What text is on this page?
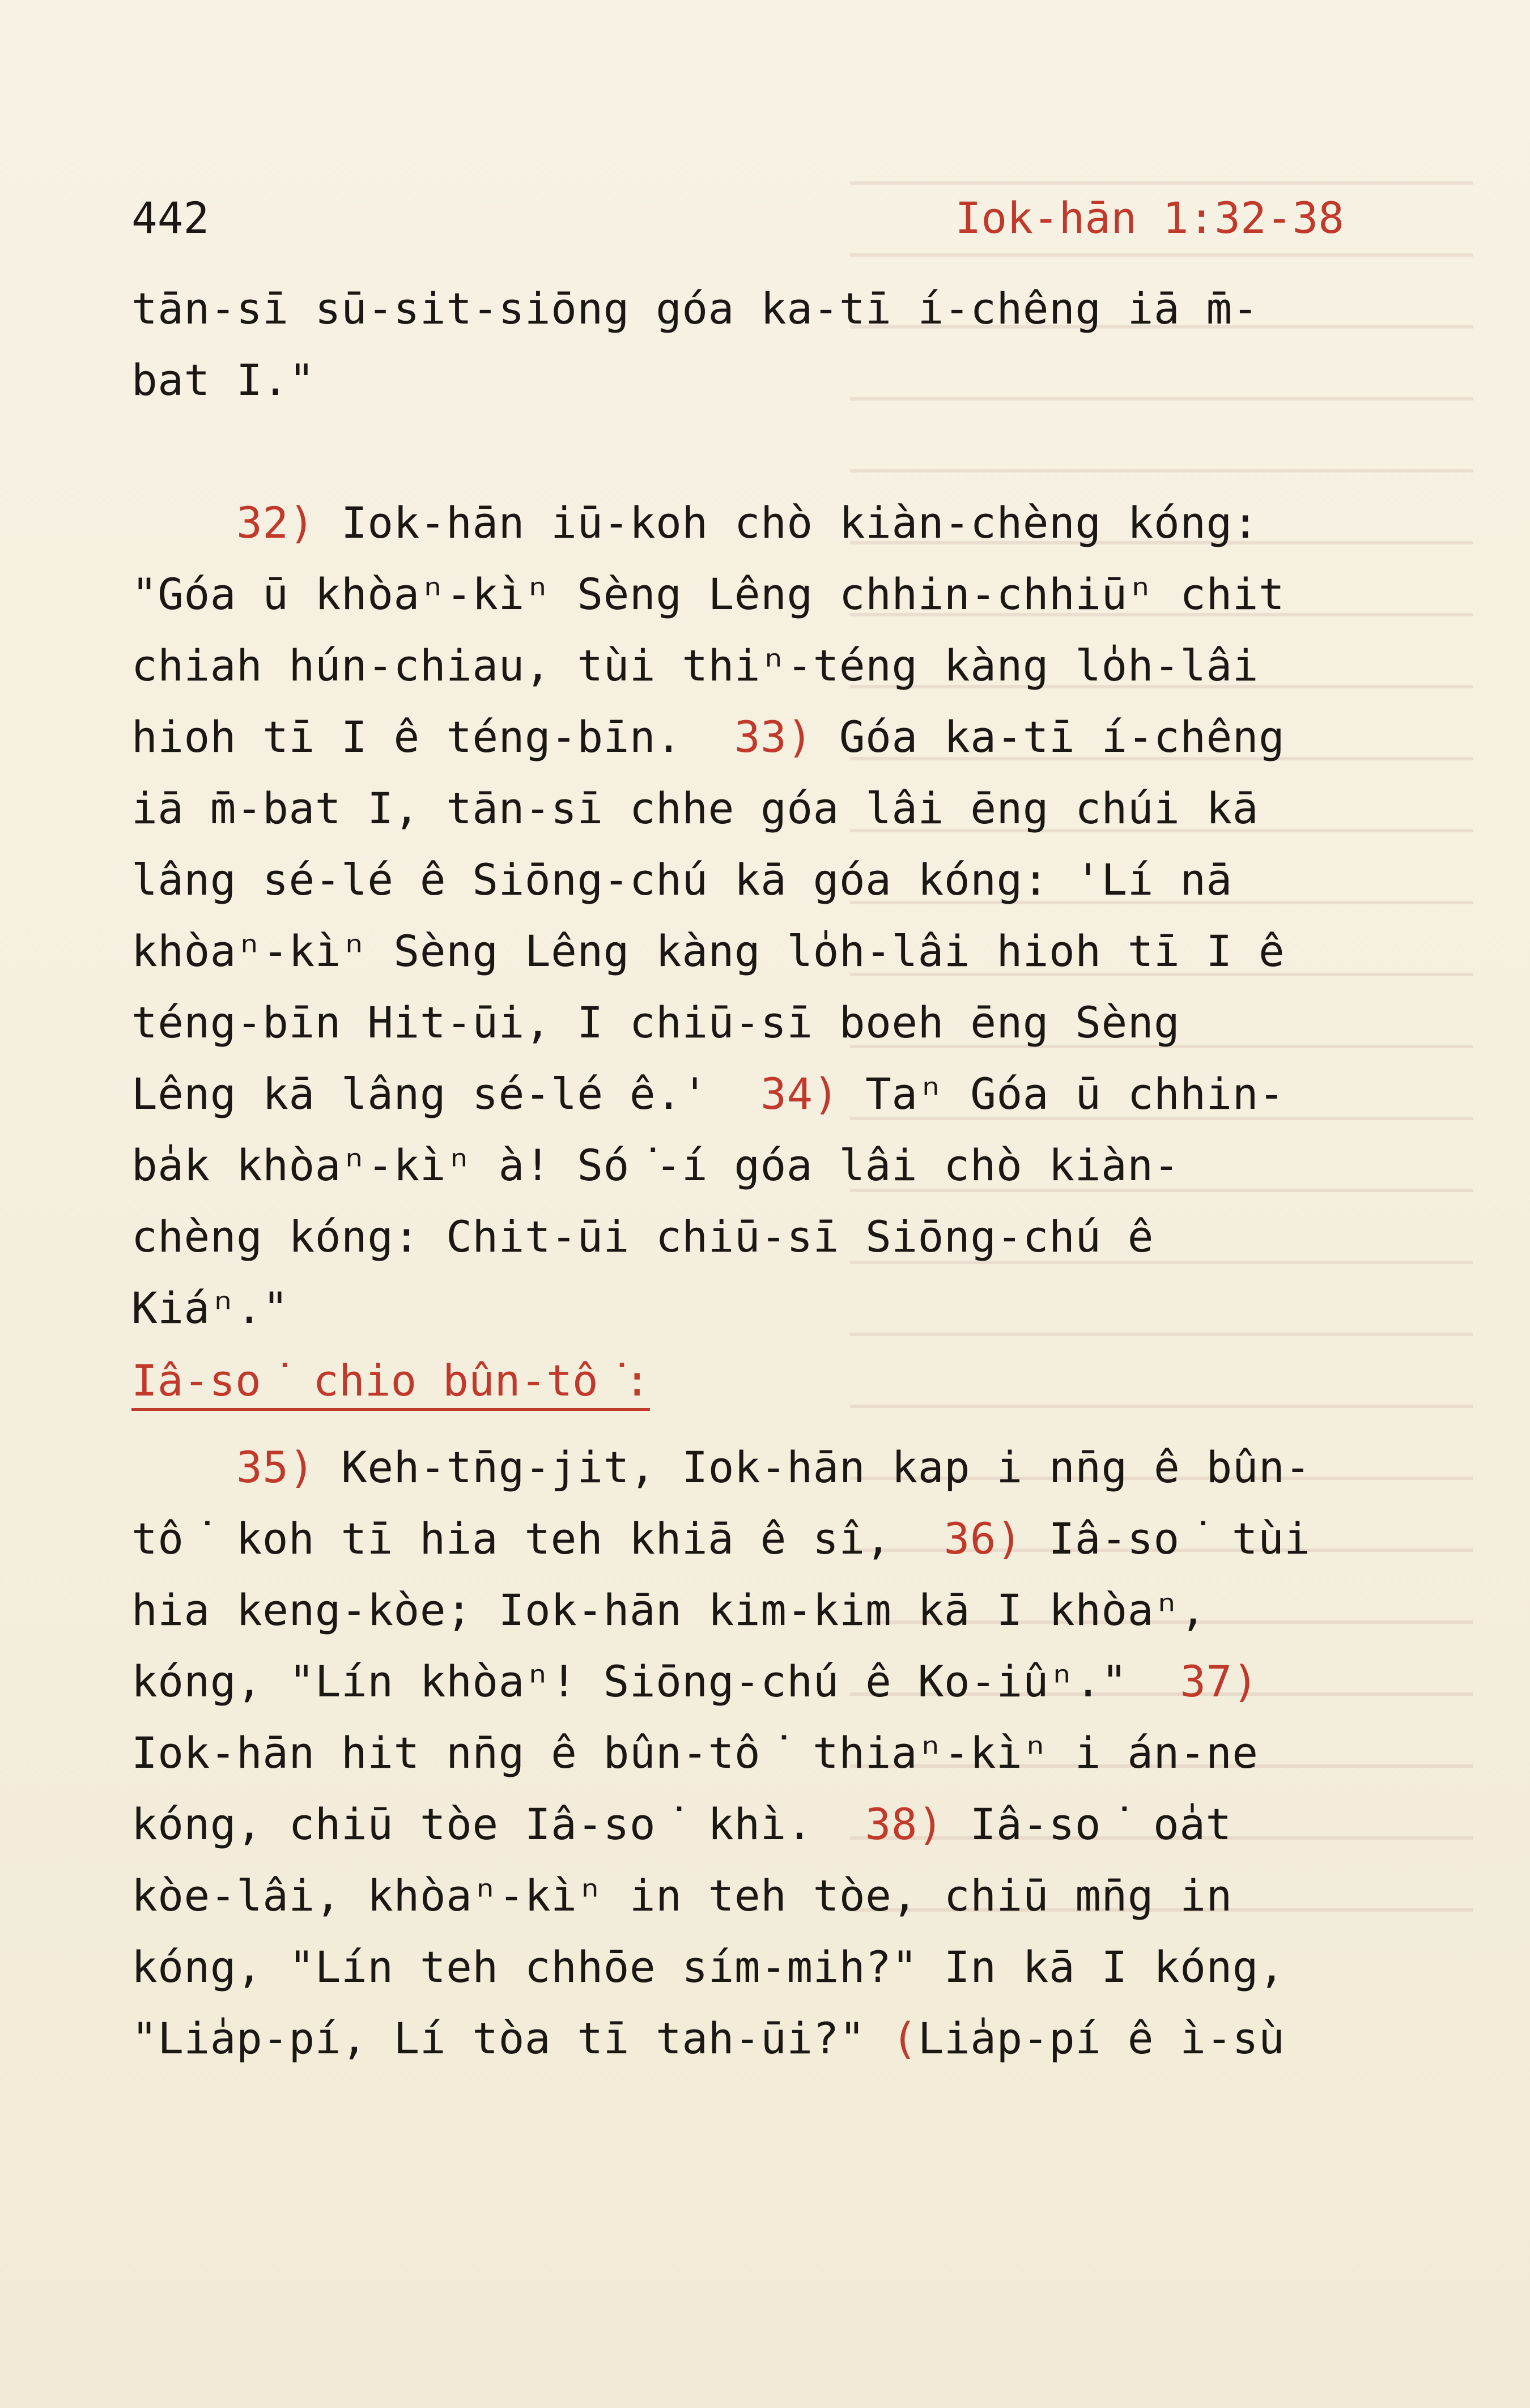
442	Iok-hān 1:32-38
tān-sī sū-sit-siōng góa ka-tī í-chêng iā m̄-
bat I."
32) Iok-hān iū-koh chò kiàn-chèng kóng:
"Góa ū khòaⁿ-kìⁿ Sèng Lêng chhin-chhiūⁿ chit
chiah hún-chiau, tùi thiⁿ-téng kàng lo̍h-lâi
hioh tī I ê téng-bīn.  33) Góa ka-tī í-chêng
iā m̄-bat I, tān-sī chhe góa lâi ēng chúi kā
lâng sé-lé ê Siōng-chú kā góa kóng: 'Lí nā
khòaⁿ-kìⁿ Sèng Lêng kàng lo̍h-lâi hioh tī I ê
téng-bīn Hit-ūi, I chiū-sī boeh ēng Sèng
Lêng kā lâng sé-lé ê.'  34) Taⁿ Góa ū chhin-
ba̍k khòaⁿ-kìⁿ à! Só͘-í góa lâi chò kiàn-
chèng kóng: Chit-ūi chiū-sī Siōng-chú ê
Kiáⁿ."
Iâ-so͘ chio bûn-tô͘:
35) Keh-tn̄g-jit, Iok-hān kap i nn̄g ê bûn-
tô͘ koh tī hia teh khiā ê sî,  36) Iâ-so͘ tùi
hia keng-kòe; Iok-hān kim-kim kā I khòaⁿ,
kóng, "Lín khòaⁿ! Siōng-chú ê Ko-iûⁿ."  37)
Iok-hān hit nn̄g ê bûn-tô͘ thiaⁿ-kìⁿ i án-ne
kóng, chiū tòe Iâ-so͘ khì.  38) Iâ-so͘ oa̍t
kòe-lâi, khòaⁿ-kìⁿ in teh tòe, chiū mn̄g in
kóng, "Lín teh chhōe sím-mih?" In kā I kóng,
"Lia̍p-pí, Lí tòa tī tah-ūi?" (Lia̍p-pí ê ì-sù
